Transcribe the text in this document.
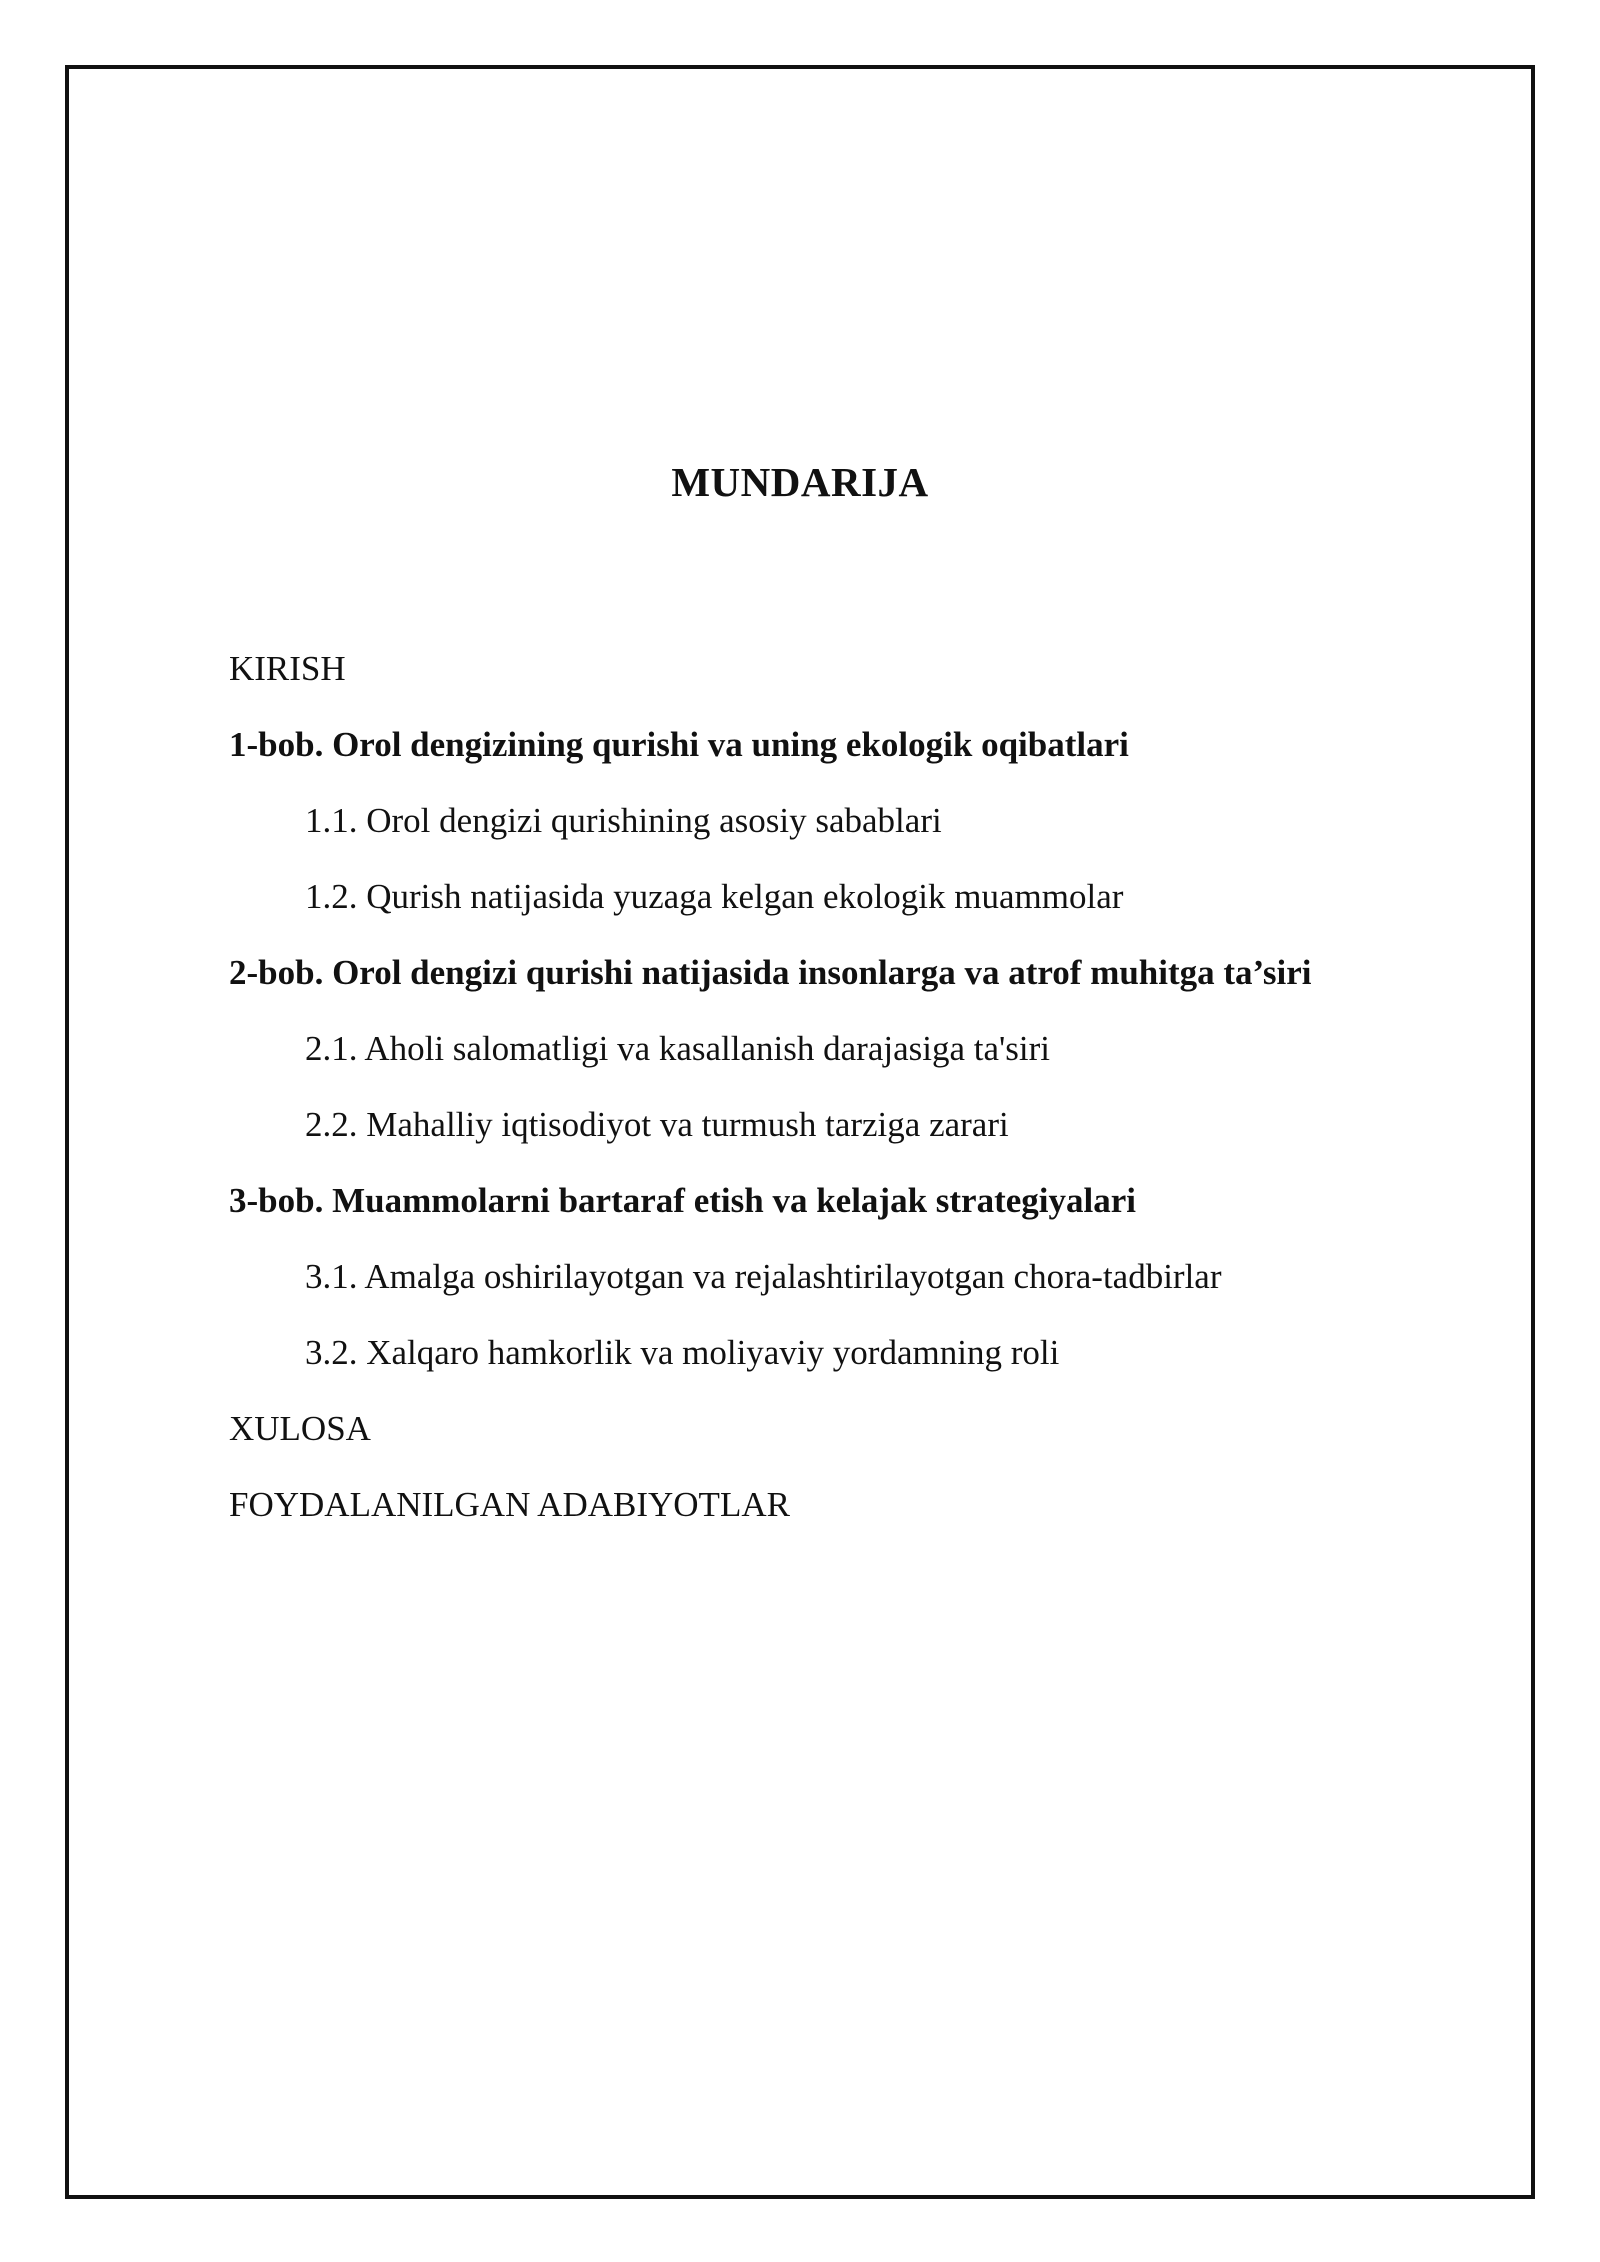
MUNDARIJA
KIRISH
1-bob. Orol dengizining qurishi va uning ekologik oqibatlari
1.1. Orol dengizi qurishining asosiy sabablari
1.2. Qurish natijasida yuzaga kelgan ekologik muammolar
2-bob. Orol dengizi qurishi natijasida insonlarga va atrof muhitga ta’siri
2.1. Aholi salomatligi va kasallanish darajasiga ta'siri
2.2. Mahalliy iqtisodiyot va turmush tarziga zarari
3-bob. Muammolarni bartaraf etish va kelajak strategiyalari
3.1. Amalga oshirilayotgan va rejalashtirilayotgan chora-tadbirlar
3.2. Xalqaro hamkorlik va moliyaviy yordamning roli
XULOSA
FOYDALANILGAN ADABIYOTLAR
